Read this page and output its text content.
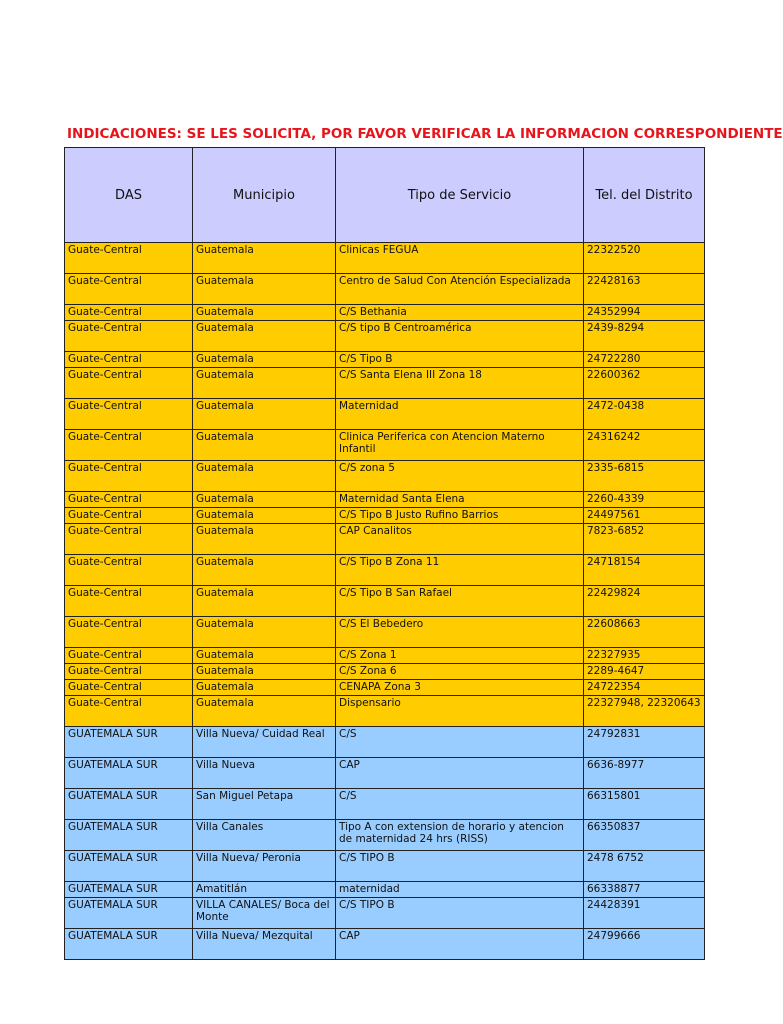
INDICACIONES: SE LES SOLICITA, POR FAVOR VERIFICAR LA INFORMACION CORRESPONDIENTE
DAS	Municipio	Tipo de Servicio	Tel. del Distrito
Guate-Central	Guatemala	Clinicas FEGUA	22322520
Guate-Central	Guatemala	Centro de Salud Con Atención Especializada	22428163
Guate-Central	Guatemala	C/S Bethania	24352994
Guate-Central	Guatemala	C/S tipo B Centroamérica	2439-8294
Guate-Central	Guatemala	C/S Tipo B	24722280
Guate-Central	Guatemala	C/S Santa Elena III Zona 18	22600362
Guate-Central	Guatemala	Maternidad	2472-0438
Guate-Central	Guatemala	Clinica Periferica con Atencion Materno Infantil	24316242
Guate-Central	Guatemala	C/S zona 5	2335-6815
Guate-Central	Guatemala	Maternidad Santa Elena	2260-4339
Guate-Central	Guatemala	C/S Tipo B Justo Rufino Barrios	24497561
Guate-Central	Guatemala	CAP Canalitos	7823-6852
Guate-Central	Guatemala	C/S Tipo B Zona 11	24718154
Guate-Central	Guatemala	C/S Tipo B San Rafael	22429824
Guate-Central	Guatemala	C/S El Bebedero	22608663
Guate-Central	Guatemala	C/S Zona 1	22327935
Guate-Central	Guatemala	C/S Zona 6	2289-4647
Guate-Central	Guatemala	CENAPA Zona 3	24722354
Guate-Central	Guatemala	Dispensario	22327948, 22320643
GUATEMALA SUR	Villa Nueva/ Cuidad Real	C/S	24792831
GUATEMALA SUR	Villa Nueva	CAP	6636-8977
GUATEMALA SUR	San Miguel Petapa	C/S	66315801
GUATEMALA SUR	Villa Canales	Tipo A con extension de horario y atencion de maternidad 24 hrs (RISS)	66350837
GUATEMALA SUR	Villa Nueva/ Peronia	C/S TIPO B	2478 6752
GUATEMALA SUR	Amatitlán	maternidad	66338877
GUATEMALA SUR	VILLA CANALES/ Boca del Monte	C/S TIPO B	24428391
GUATEMALA SUR	Villa Nueva/ Mezquital	CAP	24799666
